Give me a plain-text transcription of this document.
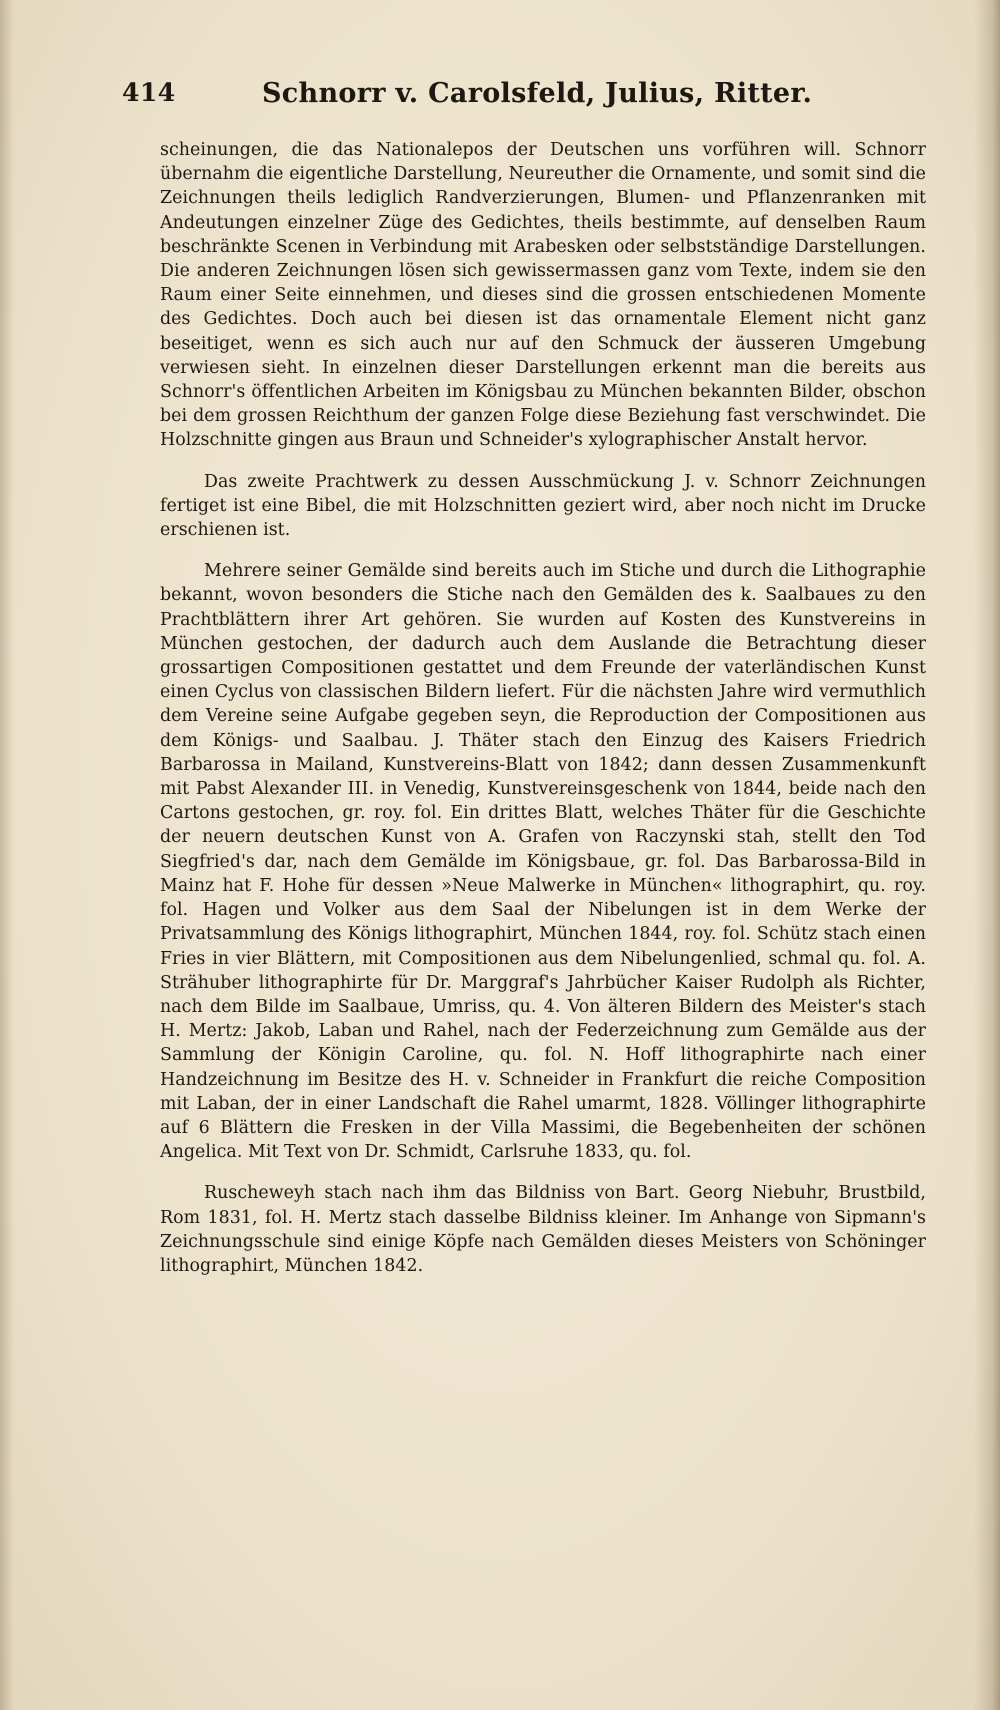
414	Schnorr v. Carolsfeld, Julius, Ritter.

scheinungen, die das Nationalepos der Deutschen uns vorführen will. Schnorr übernahm die eigentliche Darstellung, Neureuther die Ornamente, und somit sind die Zeichnungen theils lediglich Randverzierungen, Blumen- und Pflanzenranken mit Andeutungen einzelner Züge des Gedichtes, theils bestimmte, auf denselben Raum beschränkte Scenen in Verbindung mit Arabesken oder selbstständige Darstellungen. Die anderen Zeichnungen lösen sich gewissermassen ganz vom Texte, indem sie den Raum einer Seite einnehmen, und dieses sind die grossen entschiedenen Momente des Gedichtes. Doch auch bei diesen ist das ornamentale Element nicht ganz beseitiget, wenn es sich auch nur auf den Schmuck der äusseren Umgebung verwiesen sieht. In einzelnen dieser Darstellungen erkennt man die bereits aus Schnorr's öffentlichen Arbeiten im Königsbau zu München bekannten Bilder, obschon bei dem grossen Reichthum der ganzen Folge diese Beziehung fast verschwindet. Die Holzschnitte gingen aus Braun und Schneider's xylographischer Anstalt hervor.

Das zweite Prachtwerk zu dessen Ausschmückung J. v. Schnorr Zeichnungen fertiget ist eine Bibel, die mit Holzschnitten geziert wird, aber noch nicht im Drucke erschienen ist.

Mehrere seiner Gemälde sind bereits auch im Stiche und durch die Lithographie bekannt, wovon besonders die Stiche nach den Gemälden des k. Saalbaues zu den Prachtblättern ihrer Art gehören. Sie wurden auf Kosten des Kunstvereins in München gestochen, der dadurch auch dem Auslande die Betrachtung dieser grossartigen Compositionen gestattet und dem Freunde der vaterländischen Kunst einen Cyclus von classischen Bildern liefert. Für die nächsten Jahre wird vermuthlich dem Vereine seine Aufgabe gegeben seyn, die Reproduction der Compositionen aus dem Königs- und Saalbau. J. Thäter stach den Einzug des Kaisers Friedrich Barbarossa in Mailand, Kunstvereins-Blatt von 1842; dann dessen Zusammenkunft mit Pabst Alexander III. in Venedig, Kunstvereinsgeschenk von 1844, beide nach den Cartons gestochen, gr. roy. fol. Ein drittes Blatt, welches Thäter für die Geschichte der neuern deutschen Kunst von A. Grafen von Raczynski stah, stellt den Tod Siegfried's dar, nach dem Gemälde im Königsbaue, gr. fol. Das Barbarossa-Bild in Mainz hat F. Hohe für dessen »Neue Malwerke in München« lithographirt, qu. roy. fol. Hagen und Volker aus dem Saal der Nibelungen ist in dem Werke der Privatsammlung des Königs lithographirt, München 1844, roy. fol. Schütz stach einen Fries in vier Blättern, mit Compositionen aus dem Nibelungenlied, schmal qu. fol. A. Strähuber lithographirte für Dr. Marggraf's Jahrbücher Kaiser Rudolph als Richter, nach dem Bilde im Saalbaue, Umriss, qu. 4. Von älteren Bildern des Meister's stach H. Mertz: Jakob, Laban und Rahel, nach der Federzeichnung zum Gemälde aus der Sammlung der Königin Caroline, qu. fol. N. Hoff lithographirte nach einer Handzeichnung im Besitze des H. v. Schneider in Frankfurt die reiche Composition mit Laban, der in einer Landschaft die Rahel umarmt, 1828. Völlinger lithographirte auf 6 Blättern die Fresken in der Villa Massimi, die Begebenheiten der schönen Angelica. Mit Text von Dr. Schmidt, Carlsruhe 1833, qu. fol.

Ruscheweyh stach nach ihm das Bildniss von Bart. Georg Niebuhr, Brustbild, Rom 1831, fol. H. Mertz stach dasselbe Bildniss kleiner. Im Anhange von Sipmann's Zeichnungsschule sind einige Köpfe nach Gemälden dieses Meisters von Schöninger lithographirt, München 1842.
